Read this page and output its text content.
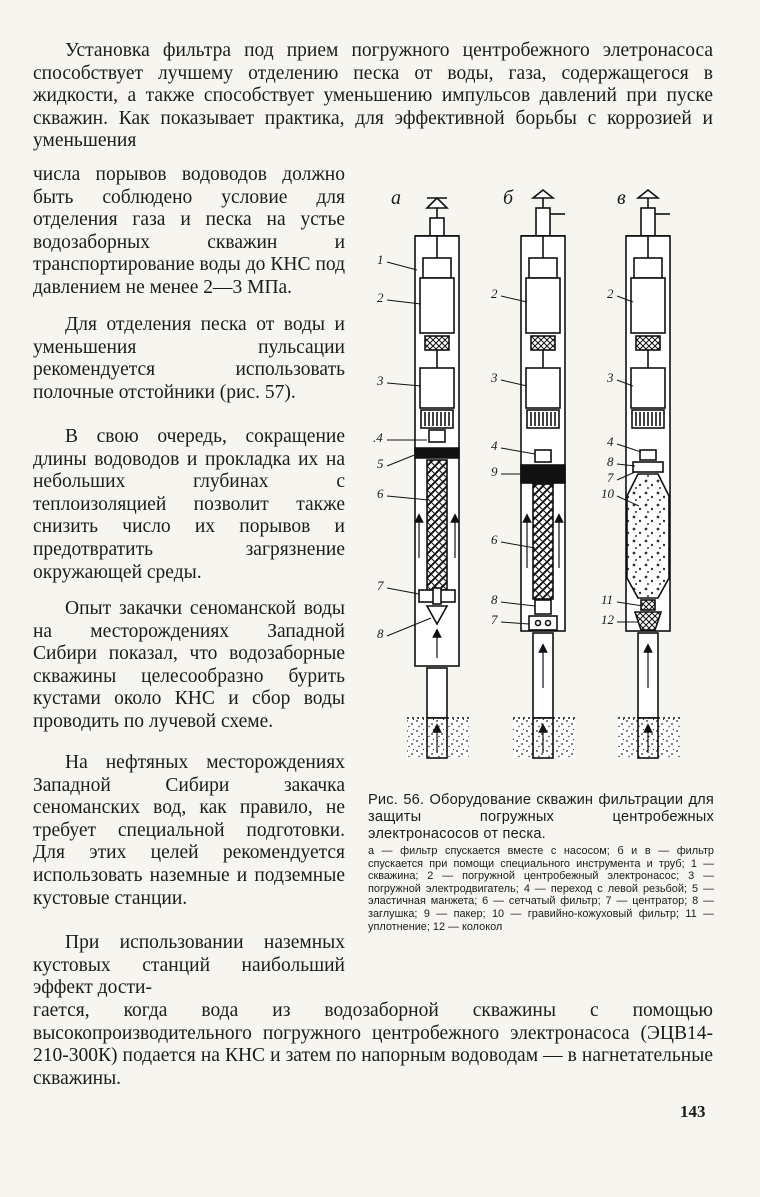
Установка фильтра под прием погружного центробежного элетронасоса способствует лучшему отделению песка от воды, газа, содержащегося в жидкости, а также способствует уменьшению импульсов давлений при пуске скважин. Как показывает практика, для эффективной борьбы с коррозией и уменьшения

числа порывов водоводов должно быть соблюдено условие для отделения газа и песка на устье водозаборных скважин и транспортирование воды до КНС под давлением не менее 2—3 МПа.

Для отделения песка от воды и уменьшения пульсации рекомендуется использовать полочные отстойники (рис. 57).

В свою очередь, сокращение длины водоводов и прокладка их на небольших глубинах с теплоизоляцией позволит также снизить число их порывов и предотвратить загрязнение окружающей среды.

Опыт закачки сеноманской воды на месторождениях Западной Сибири показал, что водозаборные скважины целесообразно бурить кустами около КНС и сбор воды проводить по лучевой схеме.

На нефтяных месторождениях Западной Сибири закачка сеноманских вод, как правило, не требует специальной подготовки. Для этих целей рекомендуется использовать наземные и подземные кустовые станции.

При использовании наземных кустовых станций наибольший эффект дости-

гается, когда вода из водозаборной скважины с помощью высокопроизводительного погружного центробежного электронасоса (ЭЦВ14-210-300К) подается на КНС и затем по напорным водоводам — в нагнетательные скважины.

а	б	в
1
2
3
.4
5
6
7
8
2
3
4
9
6
8
7
2
3
4
8
7
10
11
12

Рис. 56. Оборудование скважин фильтрации для защиты погружных центробежных электронасосов от песка.

а — фильтр спускается вместе с насосом; б и в — фильтр спускается при помощи специального инструмента и труб; 1 — скважина; 2 — погружной центробежный электронасос; 3 — погружной электродвигатель; 4 — переход с левой резьбой; 5 — эластичная манжета; 6 — сетчатый фильтр; 7 — центратор; 8 — заглушка; 9 — пакер; 10 — гравийно-кожуховый фильтр; 11 — уплотнение; 12 — колокол

143
